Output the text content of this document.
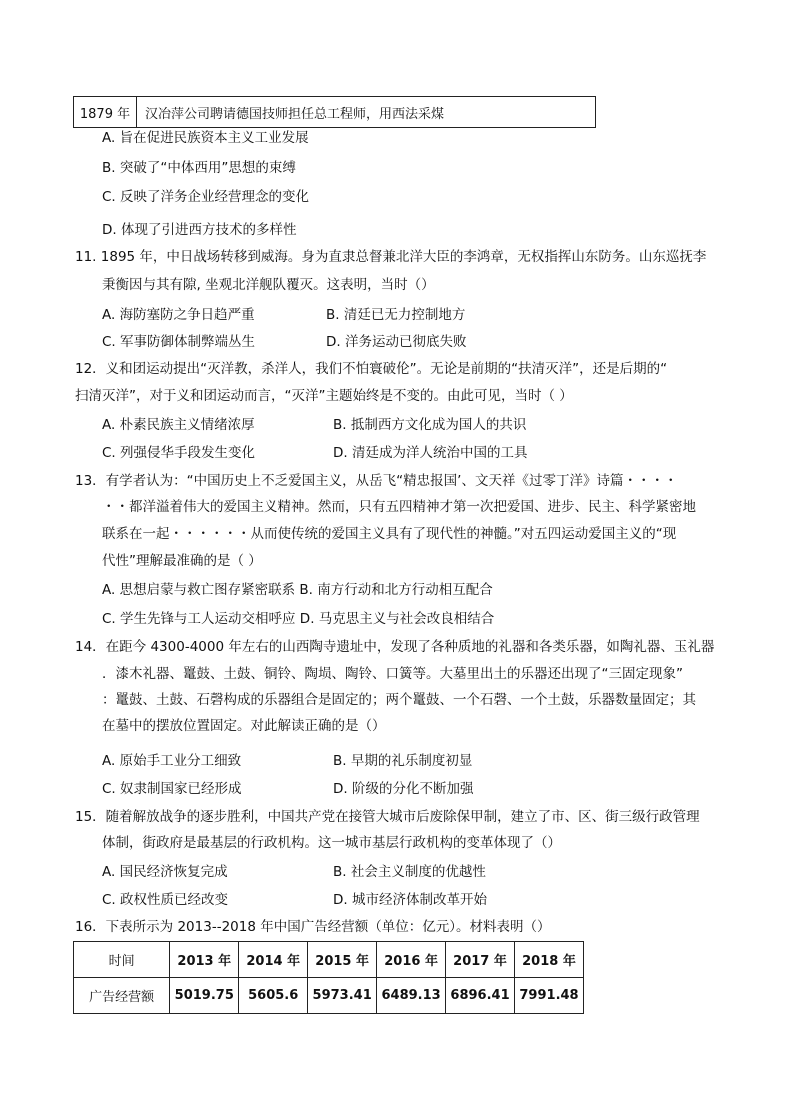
1879 年	汉冶萍公司聘请德国技师担任总工程师，用西法采煤
A. 旨在促进民族资本主义工业发展
B. 突破了“中体西用”思想的束缚
C. 反映了洋务企业经营理念的变化
D. 体现了引进西方技术的多样性
11. 1895 年，中日战场转移到威海。身为直隶总督兼北洋大臣的李鸿章，无权指挥山东防务。山东巡抚李
秉衡因与其有隙, 坐观北洋舰队覆灭。这表明，当时（）
A. 海防塞防之争日趋严重	B. 清廷已无力控制地方
C. 军事防御体制弊端丛生	D. 洋务运动已彻底失败
12．义和团运动提出“灭洋教，杀洋人，我们不怕寰破伦”。无论是前期的“扶清灭洋”，还是后期的“
扫清灭洋”，对于义和团运动而言，“灭洋”主题始终是不变的。由此可见，当时（ ）
A. 朴素民族主义情绪浓厚	B. 抵制西方文化成为国人的共识
C. 列强侵华手段发生变化	D. 清廷成为洋人统治中国的工具
13．有学者认为：“中国历史上不乏爱国主义，从岳飞“精忠报国’、文天祥《过零丁洋》诗篇・・・・
・・都洋溢着伟大的爱国主义精神。然而，只有五四精神才第一次把爱国、进步、民主、科学紧密地
联系在一起・・・・・・从而使传统的爱国主义具有了现代性的神髓。”对五四运动爱国主义的“现
代性”理解最准确的是（ ）
A. 思想启蒙与救亡图存紧密联系 B. 南方行动和北方行动相互配合
C. 学生先锋与工人运动交相呼应 D. 马克思主义与社会改良相结合
14．在距今 4300-4000 年左右的山西陶寺遗址中，发现了各种质地的礼器和各类乐器，如陶礼器、玉礼器
．漆木礼器、鼍鼓、土鼓、铜铃、陶埙、陶铃、口簧等。大墓里出土的乐器还出现了“三固定现象”
：鼍鼓、土鼓、石磬构成的乐器组合是固定的；两个鼍鼓、一个石磬、一个土鼓，乐器数量固定；其
在墓中的摆放位置固定。对此解读正确的是（）
A. 原始手工业分工细致	B. 早期的礼乐制度初显
C. 奴隶制国家已经形成	D. 阶级的分化不断加强
15．随着解放战争的逐步胜利，中国共产党在接管大城市后废除保甲制，建立了市、区、街三级行政管理
体制，街政府是最基层的行政机构。这一城市基层行政机构的变革体现了（）
A. 国民经济恢复完成	B. 社会主义制度的优越性
C. 政权性质已经改变	D. 城市经济体制改革开始
16．下表所示为 2013--2018 年中国广告经营额（单位：亿元）。材料表明（）
时间	2013 年	2014 年	2015 年	2016 年	2017 年	2018 年
广告经营额	5019.75	5605.6	5973.41	6489.13	6896.41	7991.48
